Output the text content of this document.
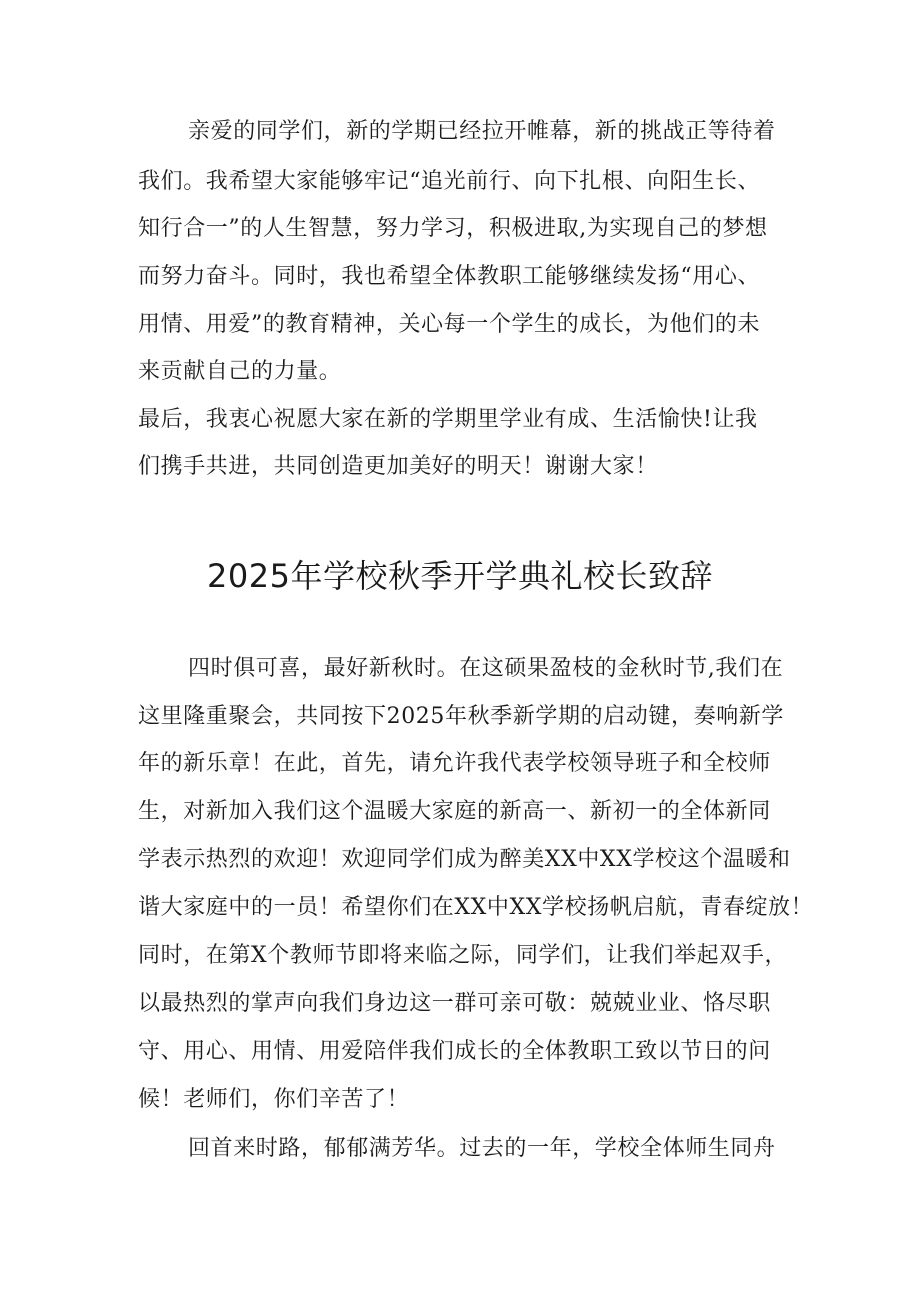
亲爱的同学们，新的学期已经拉开帷幕，新的挑战正等待着
我们。我希望大家能够牢记“追光前行、向下扎根、向阳生长、
知行合一”的人生智慧，努力学习，积极进取,为实现自己的梦想
而努力奋斗。同时，我也希望全体教职工能够继续发扬“用心、
用情、用爱”的教育精神，关心每一个学生的成长，为他们的未
来贡献自己的力量。
最后，我衷心祝愿大家在新的学期里学业有成、生活愉快!让我
们携手共进，共同创造更加美好的明天！谢谢大家！
2025年学校秋季开学典礼校长致辞
四时俱可喜，最好新秋时。在这硕果盈枝的金秋时节,我们在
这里隆重聚会，共同按下2025年秋季新学期的启动键，奏响新学
年的新乐章！在此，首先，请允许我代表学校领导班子和全校师
生，对新加入我们这个温暖大家庭的新高一、新初一的全体新同
学表示热烈的欢迎！欢迎同学们成为醉美XX中XX学校这个温暖和
谐大家庭中的一员！希望你们在XX中XX学校扬帆启航，青春绽放！
同时，在第X个教师节即将来临之际，同学们，让我们举起双手，
以最热烈的掌声向我们身边这一群可亲可敬：兢兢业业、恪尽职
守、用心、用情、用爱陪伴我们成长的全体教职工致以节日的问
候！老师们，你们辛苦了！
回首来时路，郁郁满芳华。过去的一年，学校全体师生同舟
